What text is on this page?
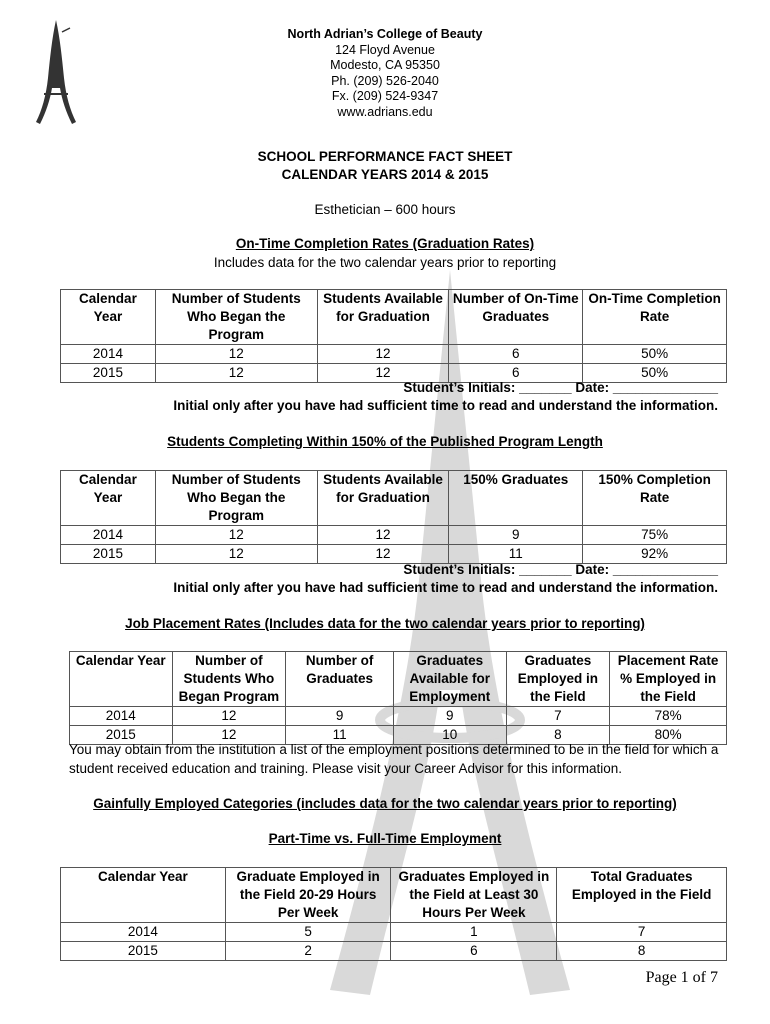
North Adrian’s College of Beauty
124 Floyd Avenue
Modesto, CA 95350
Ph. (209) 526-2040
Fx. (209) 524-9347
www.adrians.edu
SCHOOL PERFORMANCE FACT SHEET
CALENDAR YEARS 2014 & 2015
Esthetician – 600 hours
On-Time Completion Rates (Graduation Rates)
Includes data for the two calendar years prior to reporting
Calendar Year	Number of Students Who Began the Program	Students Available for Graduation	Number of On-Time Graduates	On-Time Completion Rate
2014	12	12	6	50%
2015	12	12	6	50%
Student’s Initials: _______ Date: ______________
Initial only after you have had sufficient time to read and understand the information.
Students Completing Within 150% of the Published Program Length
Calendar Year	Number of Students Who Began the Program	Students Available for Graduation	150% Graduates	150% Completion Rate
2014	12	12	9	75%
2015	12	12	11	92%
Student’s Initials: _______ Date: ______________
Initial only after you have had sufficient time to read and understand the information.
Job Placement Rates (Includes data for the two calendar years prior to reporting)
Calendar Year	Number of Students Who Began Program	Number of Graduates	Graduates Available for Employment	Graduates Employed in the Field	Placement Rate % Employed in the Field
2014	12	9	9	7	78%
2015	12	11	10	8	80%
You may obtain from the institution a list of the employment positions determined to be in the field for which a student received education and training. Please visit your Career Advisor for this information.
Gainfully Employed Categories (includes data for the two calendar years prior to reporting)
Part-Time vs. Full-Time Employment
Calendar Year	Graduate Employed in the Field 20-29 Hours Per Week	Graduates Employed in the Field at Least 30 Hours Per Week	Total Graduates Employed in the Field
2014	5	1	7
2015	2	6	8
Page 1 of 7
